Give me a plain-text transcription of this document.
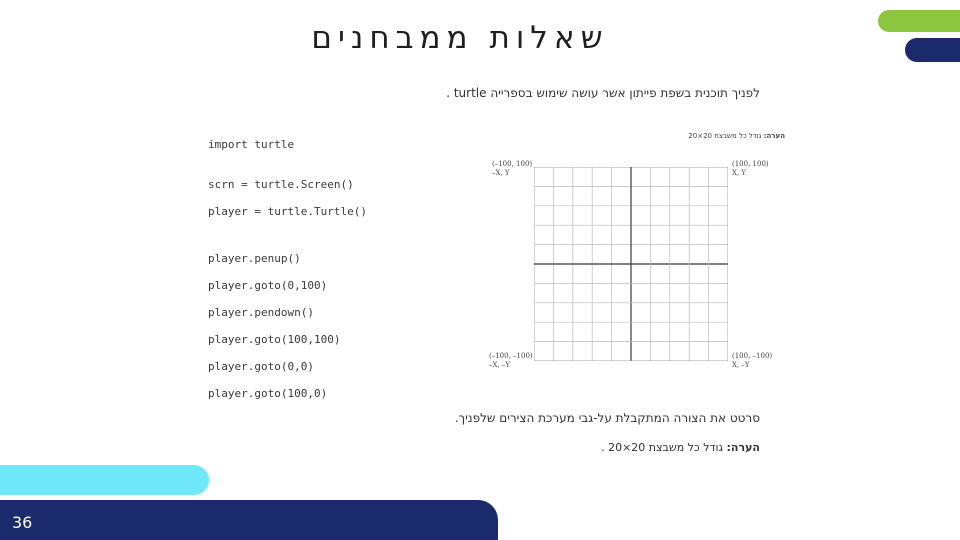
36
שאלות ממבחנים
לפניך תוכנית בשפת פייתון אשר עושה שימוש בספרייה turtle .
הערה: גודל כל משבצת 20×20
import turtle
scrn = turtle.Screen()
player = turtle.Turtle()
player.penup()
player.goto(0,100)
player.pendown()
player.goto(100,100)
player.goto(0,0)
player.goto(100,0)
(–100, 100)
–X, Y
(100, 100)
X, Y
(–100, –100)
–X, –Y
(100, –100)
X, –Y
סרטט את הצורה המתקבלת על-גבי מערכת הצירים שלפניך.
הערה: גודל כל משבצת 20×20 .
